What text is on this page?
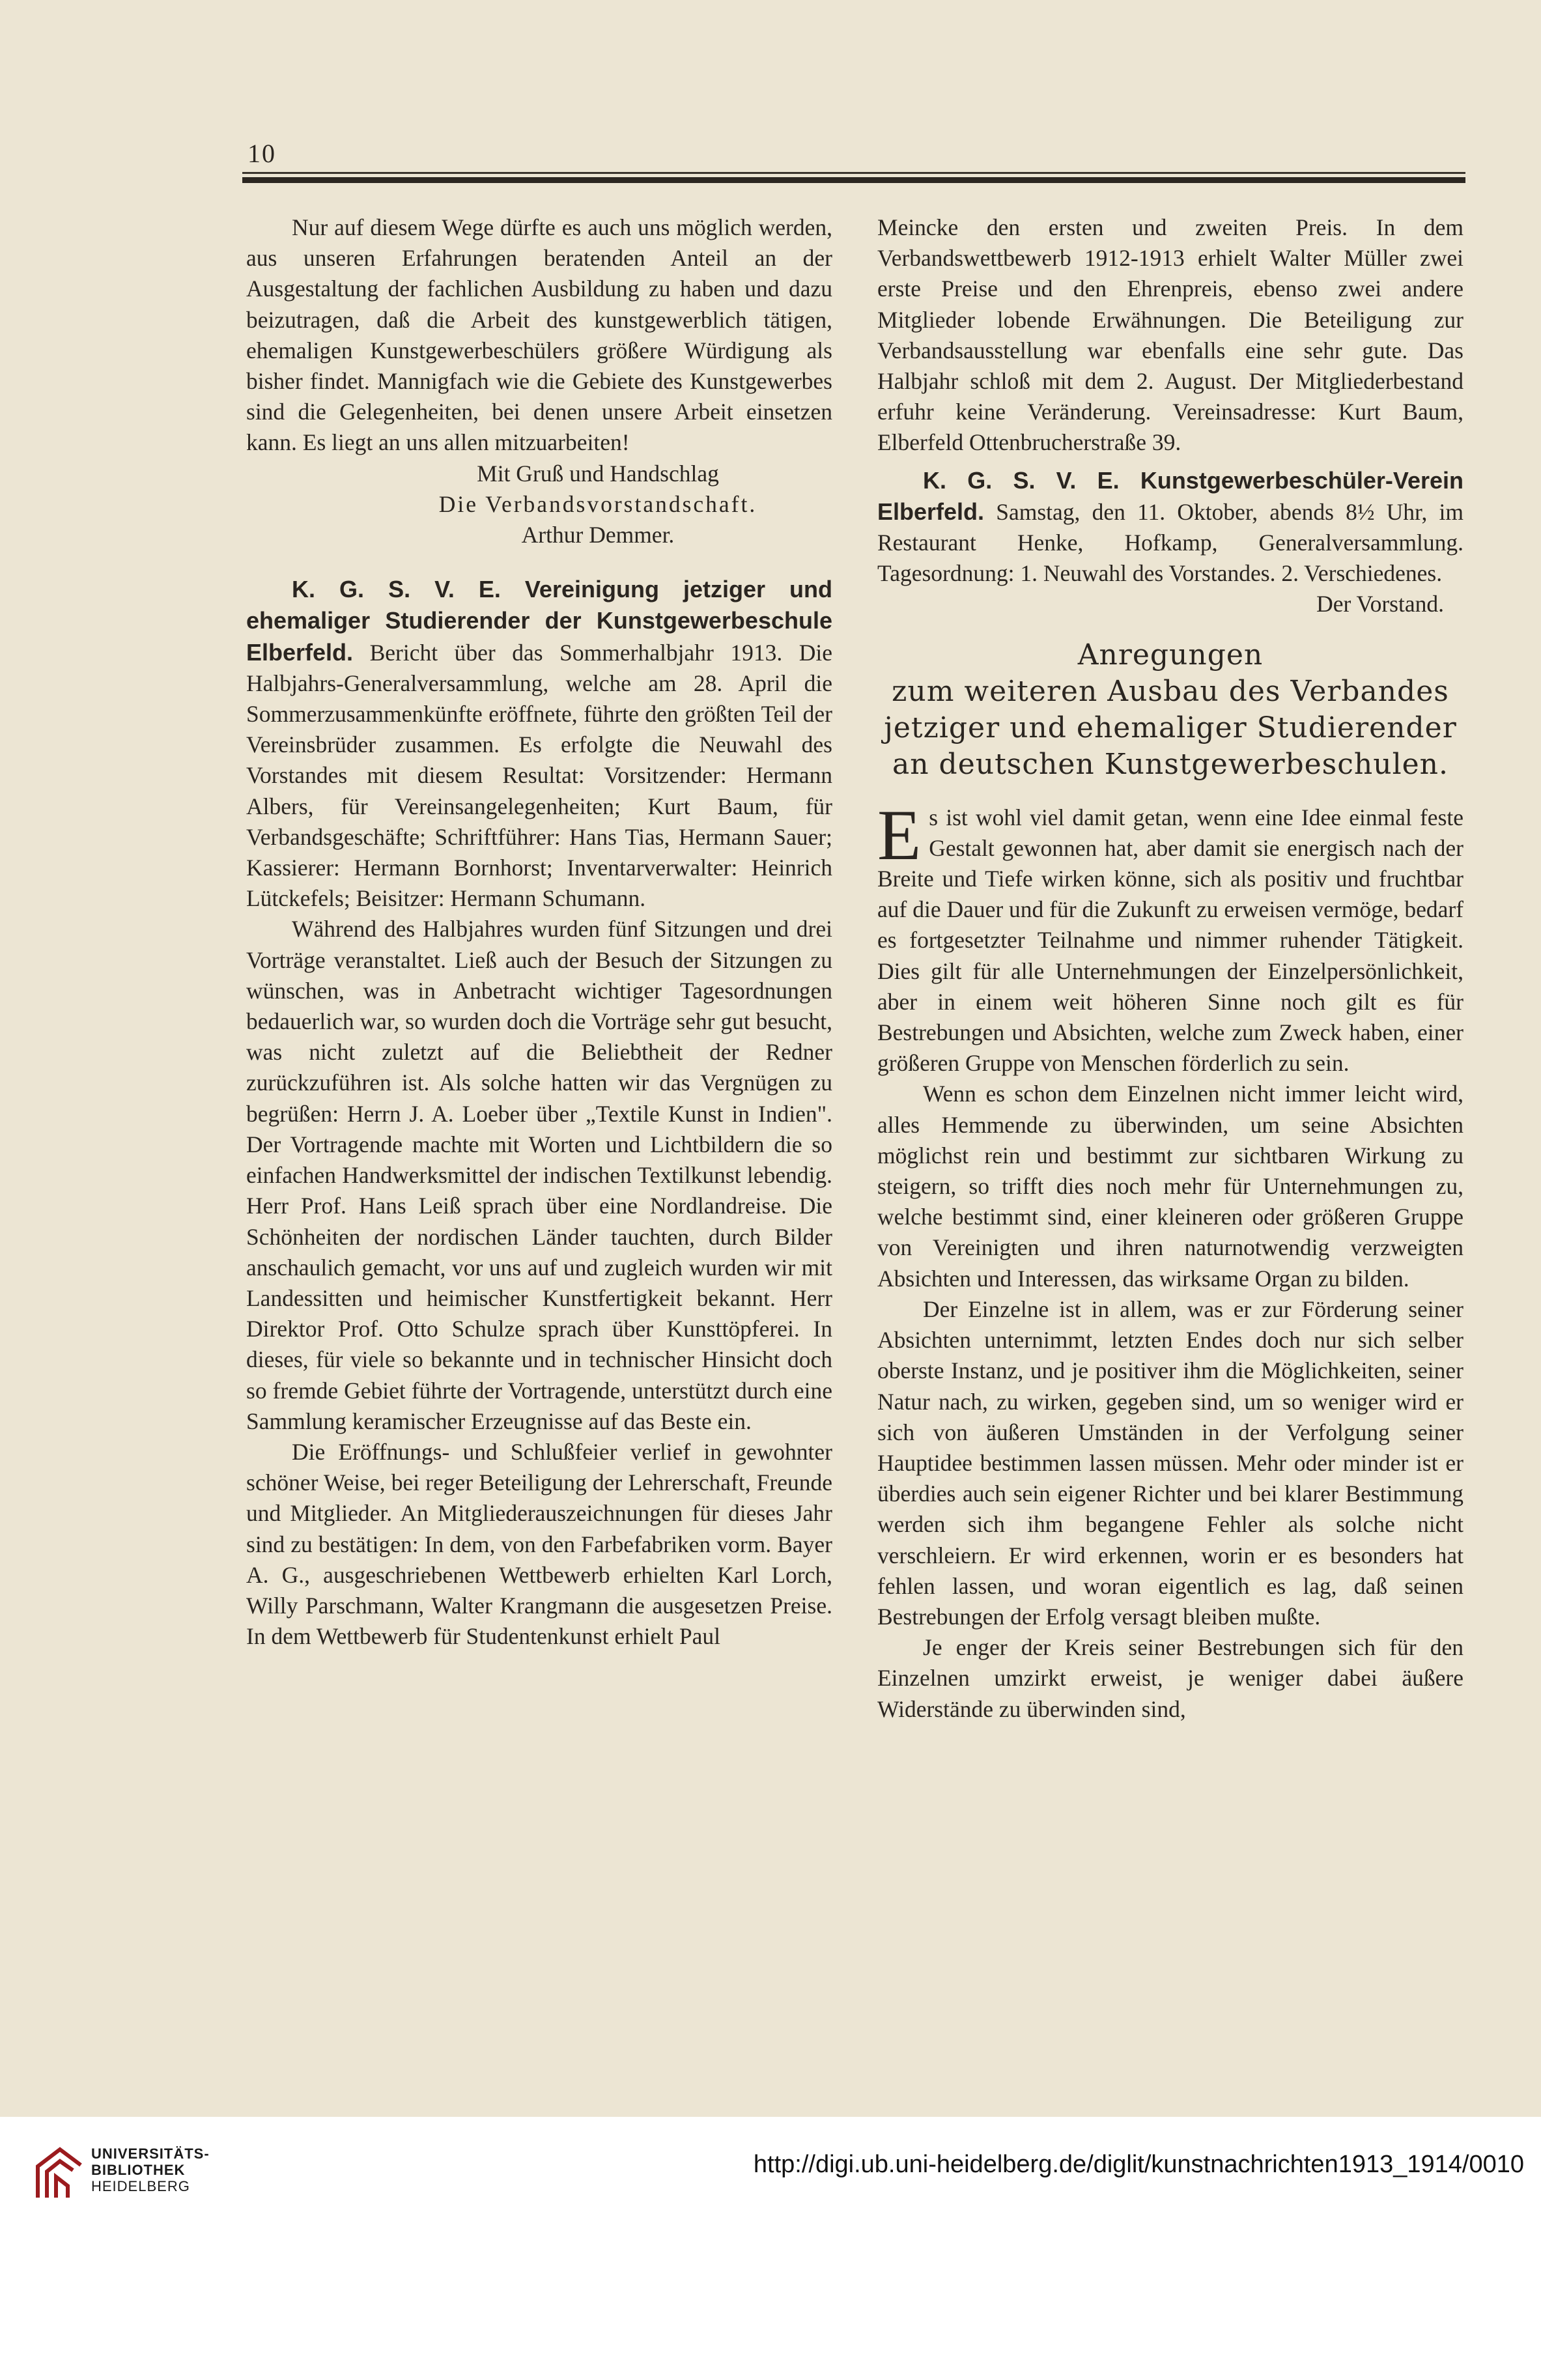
10

Nur auf diesem Wege dürfte es auch uns möglich werden, aus unseren Erfahrungen beratenden Anteil an der Ausgestaltung der fachlichen Ausbildung zu haben und dazu beizutragen, daß die Arbeit des kunstgewerblich tätigen, ehemaligen Kunstgewerbeschülers größere Würdigung als bisher findet. Mannigfach wie die Gebiete des Kunstgewerbes sind die Gelegenheiten, bei denen unsere Arbeit einsetzen kann. Es liegt an uns allen mitzuarbeiten!

Mit Gruß und Handschlag

Die Verbandsvorstandschaft.

Arthur Demmer.

K. G. S. V. E. Vereinigung jetziger und ehemaliger Studierender der Kunstgewerbeschule Elberfeld. Bericht über das Sommerhalbjahr 1913. Die Halbjahrs-Generalversammlung, welche am 28. April die Sommerzusammenkünfte eröffnete, führte den größten Teil der Vereinsbrüder zusammen. Es erfolgte die Neuwahl des Vorstandes mit diesem Resultat: Vorsitzender: Hermann Albers, für Vereinsangelegenheiten; Kurt Baum, für Verbandsgeschäfte; Schriftführer: Hans Tias, Hermann Sauer; Kassierer: Hermann Bornhorst; Inventarverwalter: Heinrich Lütckefels; Beisitzer: Hermann Schumann.

Während des Halbjahres wurden fünf Sitzungen und drei Vorträge veranstaltet. Ließ auch der Besuch der Sitzungen zu wünschen, was in Anbetracht wichtiger Tagesordnungen bedauerlich war, so wurden doch die Vorträge sehr gut besucht, was nicht zuletzt auf die Beliebtheit der Redner zurückzuführen ist. Als solche hatten wir das Vergnügen zu begrüßen: Herrn J. A. Loeber über „Textile Kunst in Indien". Der Vortragende machte mit Worten und Lichtbildern die so einfachen Handwerksmittel der indischen Textilkunst lebendig. Herr Prof. Hans Leiß sprach über eine Nordlandreise. Die Schönheiten der nordischen Länder tauchten, durch Bilder anschaulich gemacht, vor uns auf und zugleich wurden wir mit Landessitten und heimischer Kunstfertigkeit bekannt. Herr Direktor Prof. Otto Schulze sprach über Kunsttöpferei. In dieses, für viele so bekannte und in technischer Hinsicht doch so fremde Gebiet führte der Vortragende, unterstützt durch eine Sammlung keramischer Erzeugnisse auf das Beste ein.

Die Eröffnungs- und Schlußfeier verlief in gewohnter schöner Weise, bei reger Beteiligung der Lehrerschaft, Freunde und Mitglieder. An Mitgliederauszeichnungen für dieses Jahr sind zu bestätigen: In dem, von den Farbefabriken vorm. Bayer A. G., ausgeschriebenen Wettbewerb erhielten Karl Lorch, Willy Parschmann, Walter Krangmann die ausgesetzen Preise. In dem Wettbewerb für Studentenkunst erhielt Paul

Meincke den ersten und zweiten Preis. In dem Verbandswettbewerb 1912-1913 erhielt Walter Müller zwei erste Preise und den Ehrenpreis, ebenso zwei andere Mitglieder lobende Erwähnungen. Die Beteiligung zur Verbandsausstellung war ebenfalls eine sehr gute. Das Halbjahr schloß mit dem 2. August. Der Mitgliederbestand erfuhr keine Veränderung. Vereinsadresse: Kurt Baum, Elberfeld Ottenbrucherstraße 39.

K. G. S. V. E. Kunstgewerbeschüler-Verein Elberfeld. Samstag, den 11. Oktober, abends 8½ Uhr, im Restaurant Henke, Hofkamp, Generalversammlung. Tagesordnung: 1. Neuwahl des Vorstandes. 2. Verschiedenes.

Der Vorstand.

Anregungen
zum weiteren Ausbau des Verbandes
jetziger und ehemaliger Studierender
an deutschen Kunstgewerbeschulen.

Es ist wohl viel damit getan, wenn eine Idee einmal feste Gestalt gewonnen hat, aber damit sie energisch nach der Breite und Tiefe wirken könne, sich als positiv und fruchtbar auf die Dauer und für die Zukunft zu erweisen vermöge, bedarf es fortgesetzter Teilnahme und nimmer ruhender Tätigkeit. Dies gilt für alle Unternehmungen der Einzelpersönlichkeit, aber in einem weit höheren Sinne noch gilt es für Bestrebungen und Absichten, welche zum Zweck haben, einer größeren Gruppe von Menschen förderlich zu sein.

Wenn es schon dem Einzelnen nicht immer leicht wird, alles Hemmende zu überwinden, um seine Absichten möglichst rein und bestimmt zur sichtbaren Wirkung zu steigern, so trifft dies noch mehr für Unternehmungen zu, welche bestimmt sind, einer kleineren oder größeren Gruppe von Vereinigten und ihren naturnotwendig verzweigten Absichten und Interessen, das wirksame Organ zu bilden.

Der Einzelne ist in allem, was er zur Förderung seiner Absichten unternimmt, letzten Endes doch nur sich selber oberste Instanz, und je positiver ihm die Möglichkeiten, seiner Natur nach, zu wirken, gegeben sind, um so weniger wird er sich von äußeren Umständen in der Verfolgung seiner Hauptidee bestimmen lassen müssen. Mehr oder minder ist er überdies auch sein eigener Richter und bei klarer Bestimmung werden sich ihm begangene Fehler als solche nicht verschleiern. Er wird erkennen, worin er es besonders hat fehlen lassen, und woran eigentlich es lag, daß seinen Bestrebungen der Erfolg versagt bleiben mußte.

Je enger der Kreis seiner Bestrebungen sich für den Einzelnen umzirkt erweist, je weniger dabei äußere Widerstände zu überwinden sind,

UNIVERSITÄTS-
BIBLIOTHEK
HEIDELBERG
http://digi.ub.uni-heidelberg.de/diglit/kunstnachrichten1913_1914/0010
